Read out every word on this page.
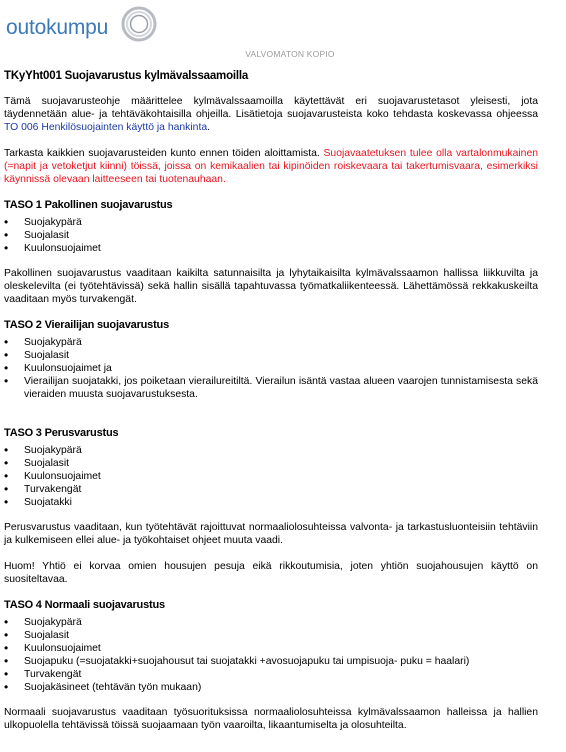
outokumpu
VALVOMATON KOPIO
TKyYht001 Suojavarustus kylmävalssaamoilla

Tämä suojavarusteohje määrittelee kylmävalssaamoilla käytettävät eri suojavarustetasot yleisesti, jota täydennetään alue- ja tehtäväkohtaisilla ohjeilla. Lisätietoja suojavarusteista koko tehdasta koskevassa ohjeessa TO 006 Henkilösuojainten käyttö ja hankinta.

Tarkasta kaikkien suojavarusteiden kunto ennen töiden aloittamista. Suojavaatetuksen tulee olla vartalonmukainen (=napit ja vetoketjut kiinni) töissä, joissa on kemikaalien tai kipinöiden roiskevaara tai takertumisvaara, esimerkiksi käynnissä olevaan laitteeseen tai tuotenauhaan.

TASO 1 Pakollinen suojavarustus
• Suojakypärä
• Suojalasit
• Kuulonsuojaimet

Pakollinen suojavarustus vaaditaan kaikilta satunnaisilta ja lyhytaikaisilta kylmävalssaamon hallissa liikkuvilta ja oleskelevilta (ei työtehtävissä) sekä hallin sisällä tapahtuvassa työmatkaliikenteessä. Lähettämössä rekkakuskeilta vaaditaan myös turvakengät.

TASO 2 Vierailijan suojavarustus
• Suojakypärä
• Suojalasit
• Kuulonsuojaimet ja
• Vierailijan suojatakki, jos poiketaan vierailureitiltä. Vierailun isäntä vastaa alueen vaarojen tunnistamisesta sekä vieraiden muusta suojavarustuksesta.
TASO 3 Perusvarustus
• Suojakypärä
• Suojalasit
• Kuulonsuojaimet
• Turvakengät
• Suojatakki

Perusvarustus vaaditaan, kun työtehtävät rajoittuvat normaaliolosuhteissa valvonta- ja tarkastusluonteisiin tehtäviin ja kulkemiseen ellei alue- ja työkohtaiset ohjeet muuta vaadi.

Huom! Yhtiö ei korvaa omien housujen pesuja eikä rikkoutumisia, joten yhtiön suojahousujen käyttö on suositeltavaa.

TASO 4 Normaali suojavarustus
• Suojakypärä
• Suojalasit
• Kuulonsuojaimet
• Suojapuku (=suojatakki+suojahousut tai suojatakki +avosuojapuku tai umpisuoja- puku = haalari)
• Turvakengät
• Suojakäsineet (tehtävän työn mukaan)

Normaali suojavarustus vaaditaan työsuorituksissa normaaliolosuhteissa kylmävalssaamon halleissa ja hallien ulkopuolella tehtävissä töissä suojaamaan työn vaaroilta, likaantumiselta ja olosuhteilta.
